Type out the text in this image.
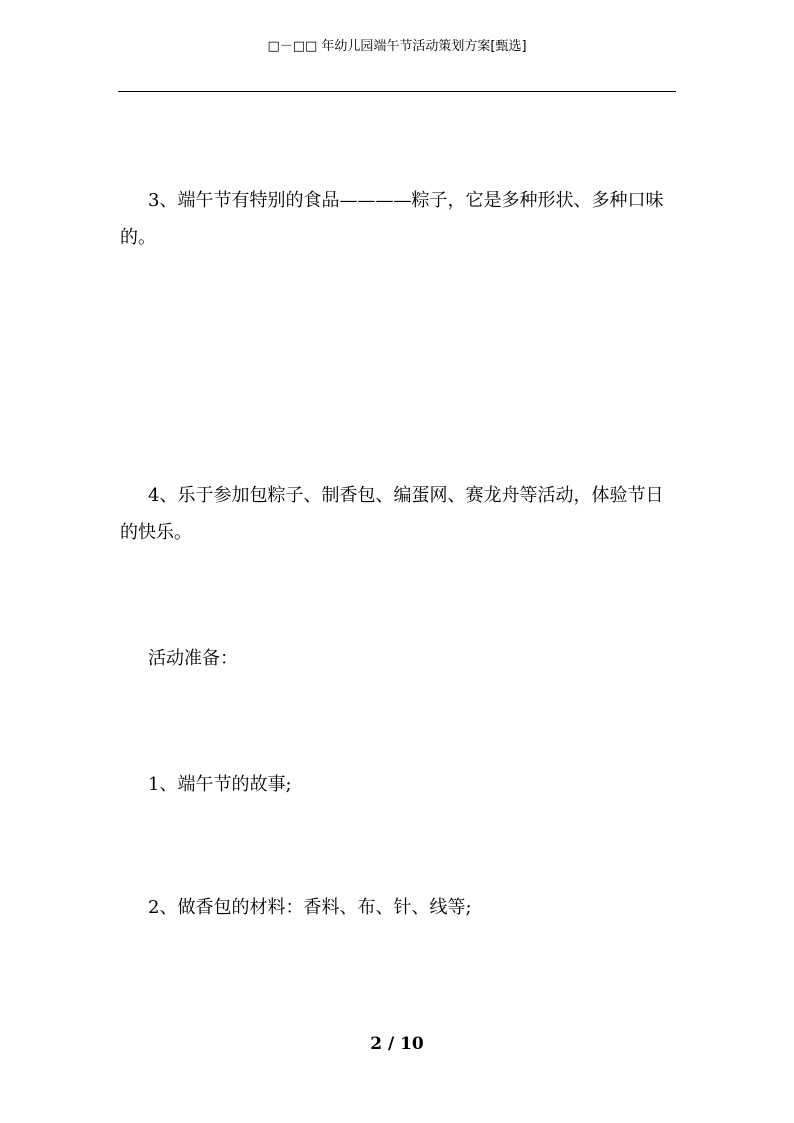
□－□□ 年幼儿园端午节活动策划方案[甄选]

3、端午节有特别的食品————粽子，它是多种形状、多种口味的。

4、乐于参加包粽子、制香包、编蛋网、赛龙舟等活动，体验节日的快乐。

活动准备：

1、端午节的故事;

2、做香包的材料：香料、布、针、线等;

2 / 10
